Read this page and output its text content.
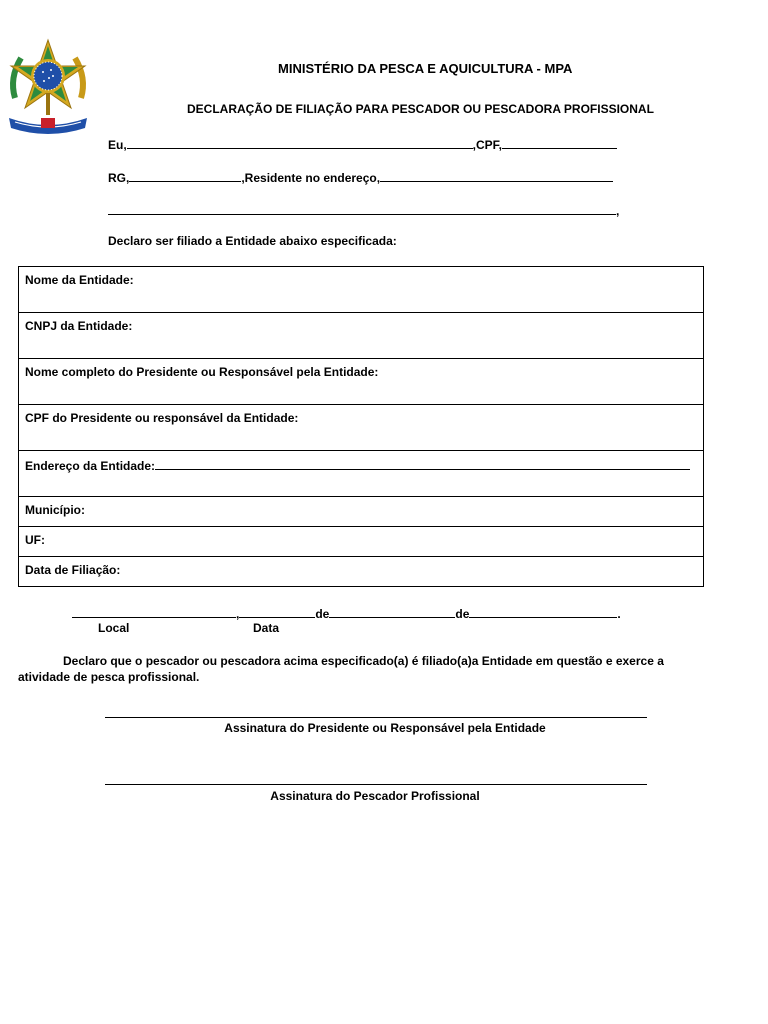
MINISTÉRIO DA PESCA E AQUICULTURA - MPA
DECLARAÇÃO DE FILIAÇÃO PARA PESCADOR OU PESCADORA PROFISSIONAL
Eu,	,CPF,
RG,	,Residente no endereço,
,
Declaro ser filiado a Entidade abaixo especificada:
Nome da Entidade:
CNPJ da Entidade:
Nome completo do Presidente ou Responsável pela Entidade:
CPF do Presidente ou responsável da Entidade:
Endereço da Entidade:
Município:
UF:
Data de Filiação:
,	de	de	.
Local	Data
Declaro que o pescador ou pescadora acima especificado(a) é filiado(a)a Entidade em questão e exerce a
atividade de pesca profissional.
Assinatura do Presidente ou Responsável pela Entidade
Assinatura do Pescador Profissional
